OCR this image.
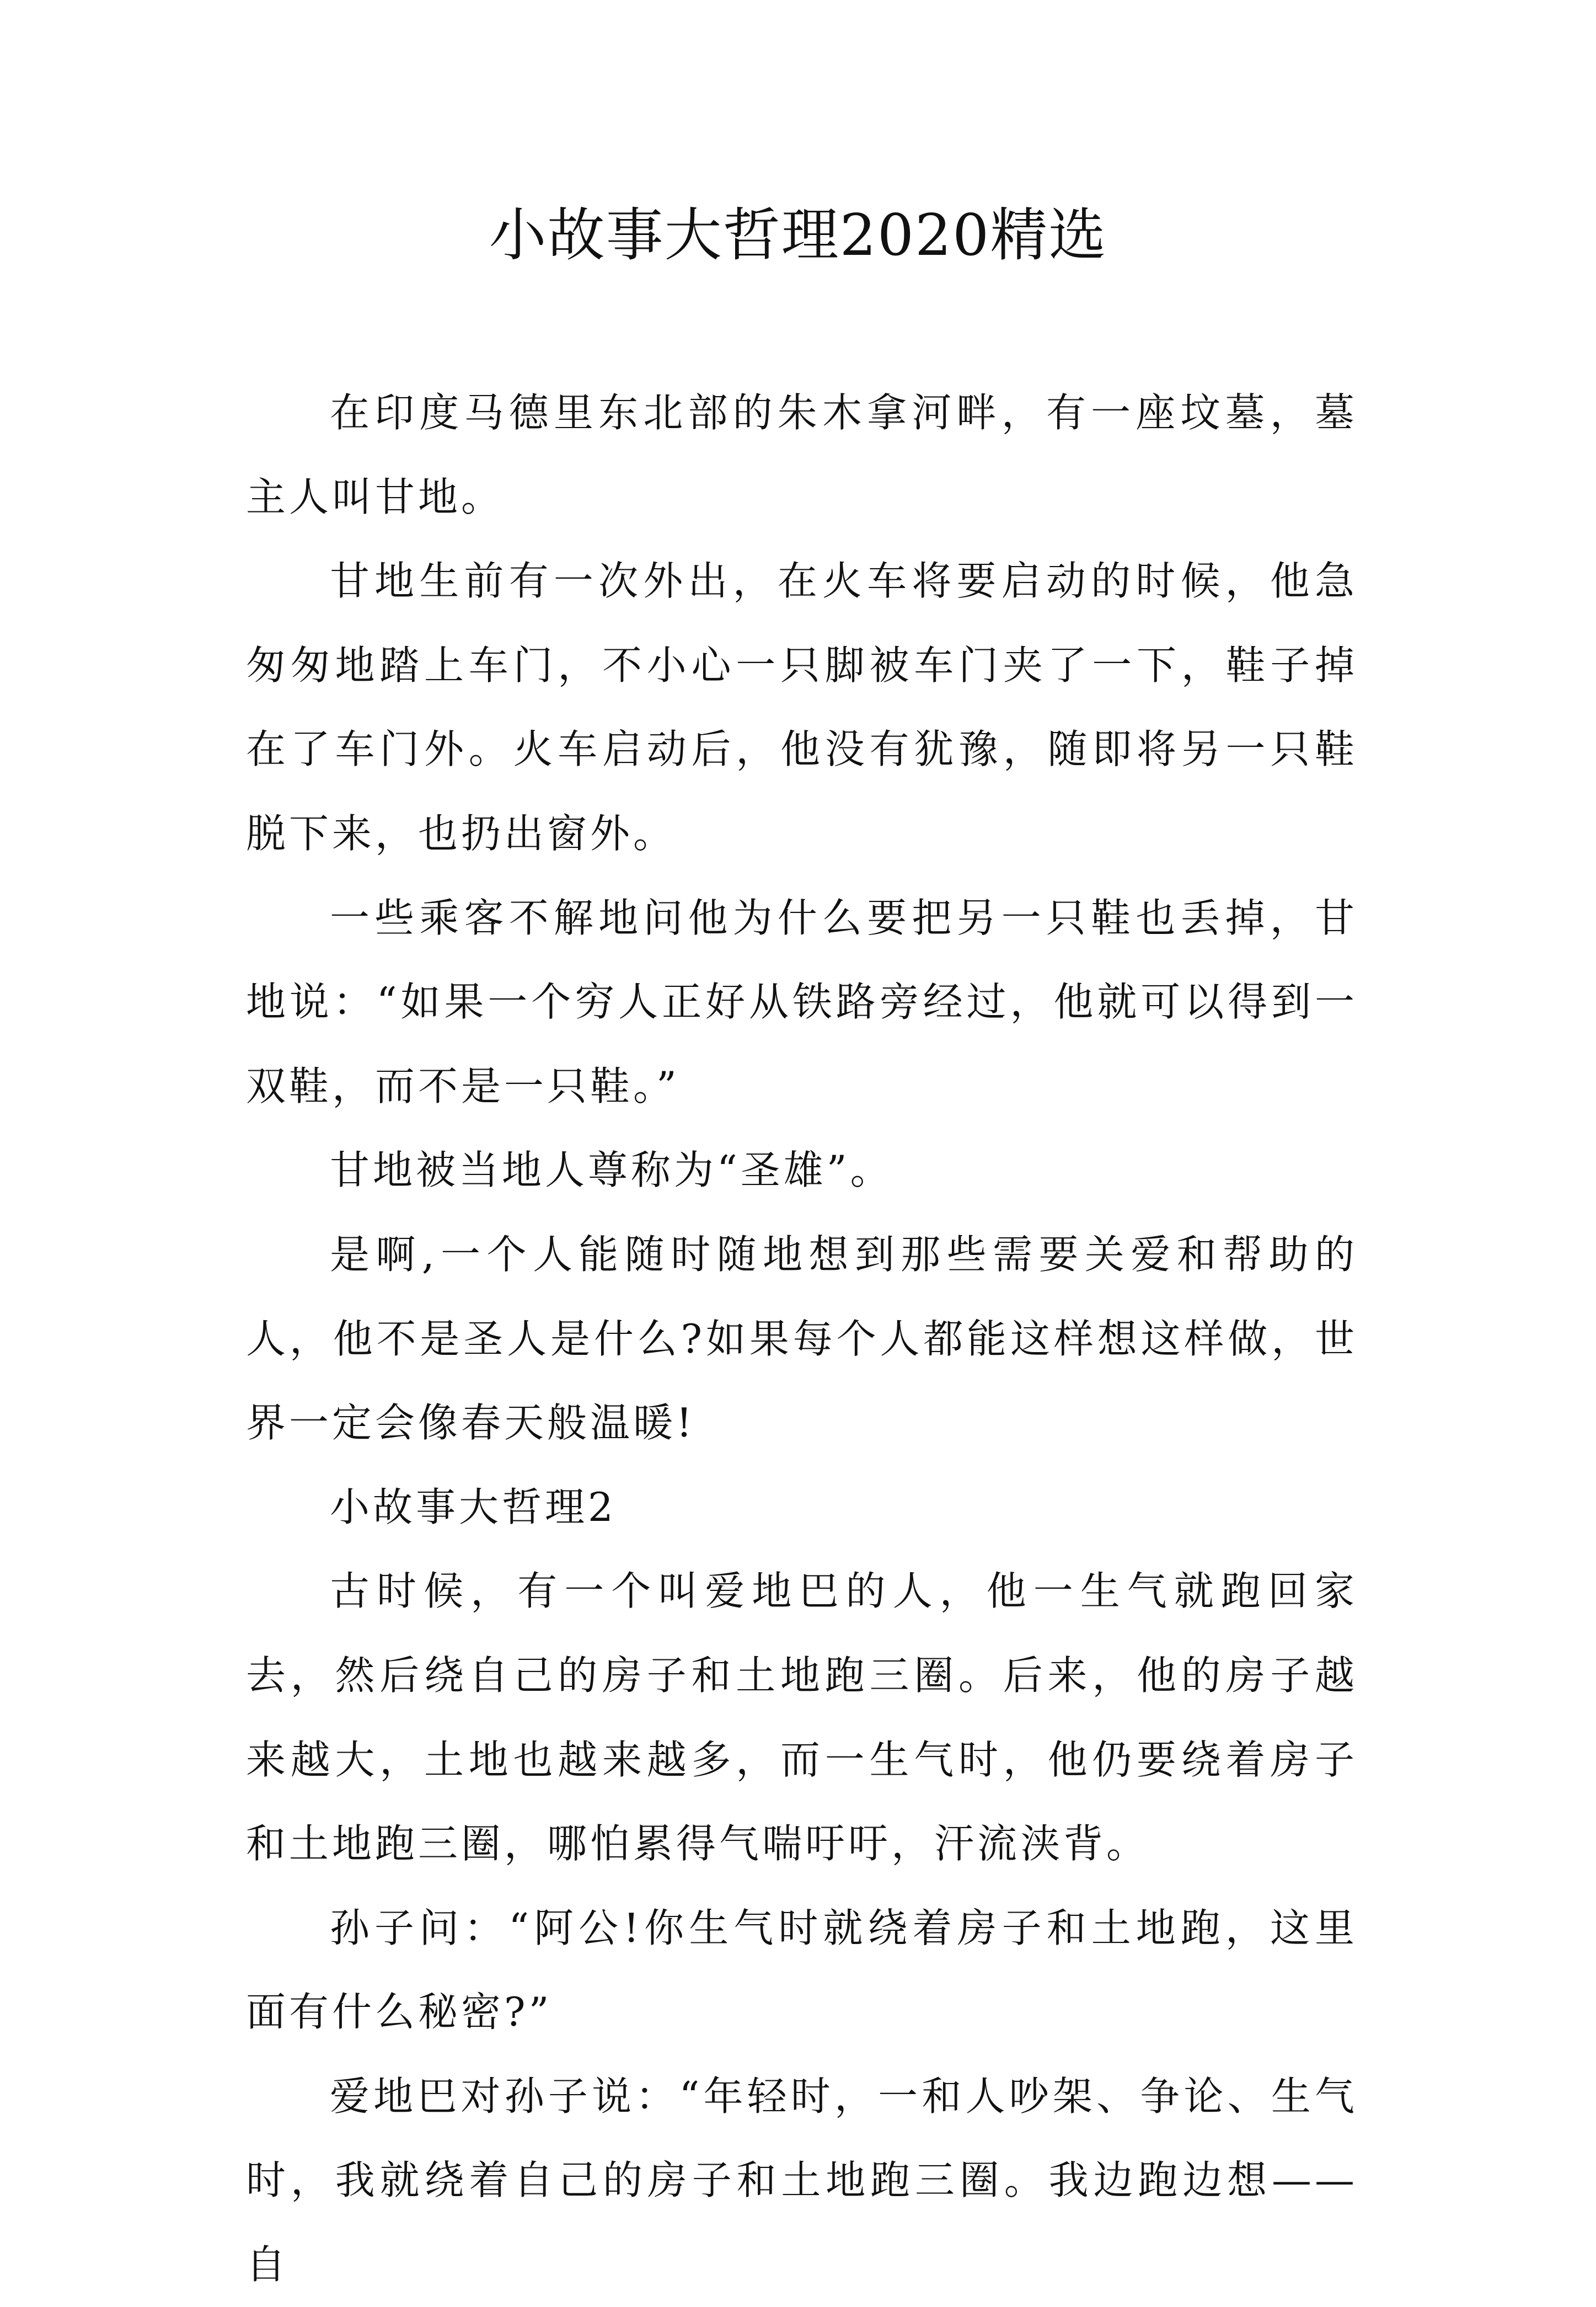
小故事大哲理2020精选

在印度马德里东北部的朱木拿河畔，有一座坟墓，墓主人叫甘地。

甘地生前有一次外出，在火车将要启动的时候，他急匆匆地踏上车门，不小心一只脚被车门夹了一下，鞋子掉在了车门外。火车启动后，他没有犹豫，随即将另一只鞋脱下来，也扔出窗外。

一些乘客不解地问他为什么要把另一只鞋也丢掉，甘地说：“如果一个穷人正好从铁路旁经过，他就可以得到一双鞋，而不是一只鞋。”

甘地被当地人尊称为“圣雄”。

是啊,一个人能随时随地想到那些需要关爱和帮助的人，他不是圣人是什么?如果每个人都能这样想这样做，世界一定会像春天般温暖!

小故事大哲理2

古时候，有一个叫爱地巴的人，他一生气就跑回家去，然后绕自己的房子和土地跑三圈。后来，他的房子越来越大，土地也越来越多，而一生气时，他仍要绕着房子和土地跑三圈，哪怕累得气喘吁吁，汗流浃背。

孙子问：“阿公!你生气时就绕着房子和土地跑，这里面有什么秘密?”

爱地巴对孙子说：“年轻时，一和人吵架、争论、生气时，我就绕着自己的房子和土地跑三圈。我边跑边想——自
